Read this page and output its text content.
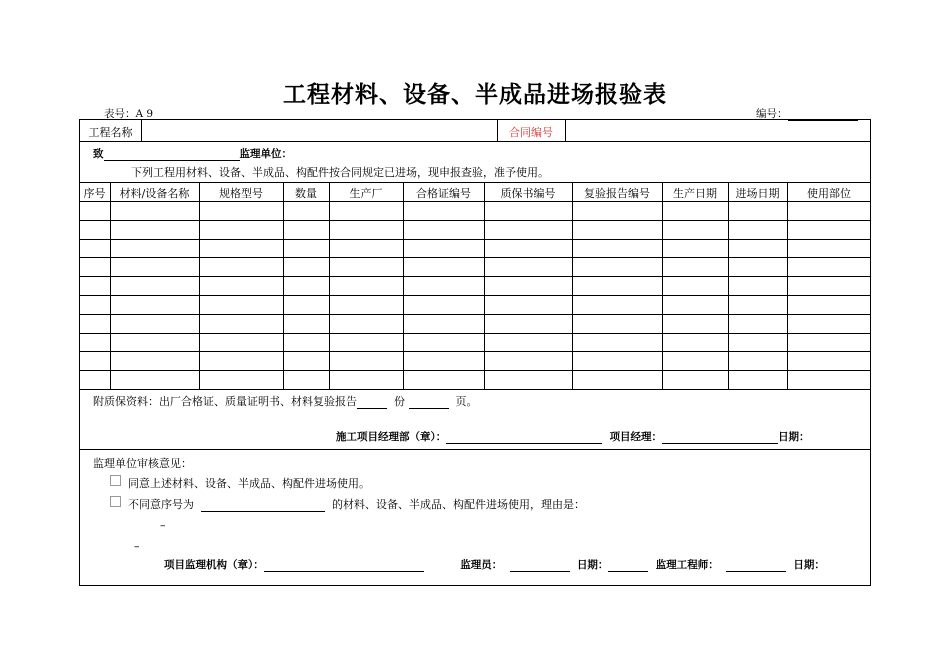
工程材料、设备、半成品进场报验表
表号：A 9	编号：
工程名称	合同编号
致	监理单位：
下列工程用材料、设备、半成品、构配件按合同规定已进场，现申报查验，准予使用。
序号	材料/设备名称	规格型号	数量	生产厂	合格证编号	质保书编号	复验报告编号	生产日期	进场日期	使用部位
附质保资料：出厂合格证、质量证明书、材料复验报告	份	页。
施工项目经理部（章）：	项目经理：	日期：
监理单位审核意见：
同意上述材料、设备、半成品、构配件进场使用。
不同意序号为	的材料、设备、半成品、构配件进场使用，理由是：
–
–
项目监理机构（章）：	监理员：	日期：	监理工程师：	日期：
